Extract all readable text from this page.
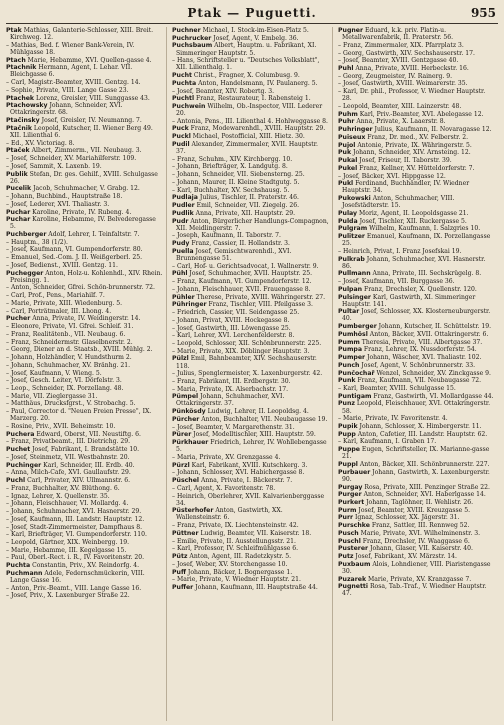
Ptak — Puguetti.	955
Ptak Mathias, Galanterie-Schlosser, XIII. Breit. Kirchweg. 12.
– Mathias, Bed. f. Wiener Bank-Verein, IV. Mühlgasse 18.
Ptach Marie, Hebamme, XVI. Quellen-gasse 4.
Ptachnik Hermann, Agent, I. Lehar. VII. Bleichgasse 6.
– Carl, Magistr.-Beamter, XVIII. Gentzg. 14.
– Sophie, Private, VIII. Lange Gasse 23.
Ptachek Lorenz, Greisler, VIII. Sunggasse 43.
Ptachowsky Johann, Schneider, XVI. Ottakringerstr. 68.
Ptačinsky Josef, Greisler, IV. Neumanng. 7.
Ptačnik Leopold, Kutscher, II. Wiener Berg 49. XII. Lilienthal 6.
– Ed., XV. Victoriag. 8.
Ptaček Albert, Zimmerm., VII. Neubaug. 3.
– Josef, Schneider, XV. Mariahilferstr. 109.
– Josef, Sammit, X. Laxenb. 19.
Publik Stefan, Dr. ges. Gehilf., XVIII. Schulgasse 26.
Pucelik Jacob, Schuhmacher, V. Grabg. 12.
– Johann, Buchbind., Hauptstraße 18.
– Josef, Lederer, XVI. Thaliastr. 3.
Puchar Karoline, Private, IV. Rubeng. 4.
Puchar Karoline, Hebamme, IV. Belvederegasse 5.
Puchberger Adolf, Lehrer, I. Teinfaltstr. 7.
– Hauptm., 38 (1/2).
– Josef, Kaufmann, VI. Gumpendorferstr. 80.
– Emanuel, Sed.-Com. J. II. Weißgerberl. 25.
– Josef, Bedienst., XVIII. Gentzg. 11.
Puchegger Anton, Holz-u. Kohlenhdl., XIV. Rhein. Preisingg. 1.
– Anton, Schneider, Gfrei. Schön-brunnerstr. 72.
– Carl, Prof., Pens., Mariahilf. 7.
– Marie, Private, XIII. Wiedenburg. 5.
– Carl, Porträtmaler, III. Lhong. 4.
Pucher Anna, Private, IV. Weidingerstr. 14.
– Eleonore, Private, VI. Gfrei. Schleif. 31.
– Franz, Realitätenb., VII. Neubaug. 6.
– Franz, Schneidermstr. Glaselbnerstr. 2.
– Georg, Diener an d. Staatsb., XVIII. Mühlg. 2.
– Johann, Holzhändler, V. Hundsthurm 2.
– Johann, Schuhmacher, XV. Bränhg. 21.
– Josef, Kaufmann, V. Wieng. 5.
– Josef, Gesch. Leiter, VI. Dörfelstr. 3.
– Leop., Schneider, IX. Porzellang. 48.
– Marie, VII. Zieglergasse 31.
– Matthäus, Drucksfgrst., V. Strobachg. 5.
– Paul, Corrector d. "Neuen Freien Presse", IX. Marzerg. 20.
– Rosine, Priv., XVII. Beheimstr. 10.
Puchera Edward, Oberst, VII. Neustiftg. 6.
– Franz, Privatbeamt., III. Dietrichg. 29.
Puchet Josef, Fabrikant, I. Brandstätte 10.
– Josef, Steinmetz, VII. Westbahnstr. 20.
Puchinger Karl, Schneider, III. Erdb. 40.
– Anna, Milch-Cafe, XVI. Gaullaufstr. 29.
Puchl Carl, Privater, XIV. Ullmannstr. 6.
– Franz, Buchhalter, XV. Blüthong. 6.
– Ignaz, Lehrer, X. Quellenstr. 35.
– Johann, Fleischhauer, VI. Mollardg. 4.
– Johann, Schuhmacher, XVI. Hasnerstr. 29.
– Josef, Kaufmann, III. Landstr. Hauptstr. 12.
– Josef, Stadt-Zimmermeister, Dampfhaus 8.
– Karl, Briefträger, VI. Gumpendorferstr. 110.
– Leopold, Gärtner, XIX. Weinbergg. 19.
– Marie, Hebamme, III. Kegelgasse 15.
– Paul, Oberl.-Rect. i. R., IV. Favoritenstr. 20.
Puchta Constantin, Priv., XV. Reindorfg. 4.
Puchmann Adele, Federnschmückerin, VIII. Lange Gasse 16.
– Anton, Priv.-Beamt., VIII. Lange Gasse 16.
– Josef, Priv., X. Laxenburger Straße 22.
Puchner Michael, I. Stock-im-Eisen-Platz 5.
Puchrucker Josef, Agent, V. Embelg. 36.
Puchsbaum Albert, Hauptm. u. Fabrikant, XI. Simmeringer Hauptstr. 5.
– Hans, Schriftsteller u. "Deutsches Volksblatt", XII. Lilienthalg. 1.
Pucht Christ., Fragner, X. Columbusg. 9.
Puchta Anton, Handelsmann, IV. Paulanerg. 5.
– Josef, Beamter, XIV. Robertg. 3.
Puchtl Franz, Restaurateur, I. Rabensteig 1.
Puchwein Wilhelm, Ob.-Inspector, VIII. Lederer 20.
– Antonia, Pens., III. Lilienthal 4. Hohlweggasse 8.
Puck Franz, Modewarenhdl., XVIII. Hauptstr. 29.
Puckl Michael, Postofficial, XIII. Hietz. 30.
Pudil Alexander, Zimmermaler, XVII. Hauptstr. 37.
– Franz, Schuhm., XIV. Kirchbergg. 10.
– Johann, Briefträger, X. Landgutg. 8.
– Johann, Schneider, VII. Siebensterng. 25.
– Johann, Maurer, II. Kleine Stadtgutg. 5.
– Karl, Buchhalter, XV. Sechshausg. 5.
Pudlaja Julius, Tischler, II. Praterstr. 46.
Pudler Emil, Schneider, VII. Ziegelg. 26.
Pudlik Anna, Private, XII. Hauptstr. 29.
Pudr Anton, Bürgerlicher Handlungs-Compagnon, XII. Meidlingerstr. 7.
– Joseph, Kaufmann, II. Taborstr. 7.
Pudy Franz, Cassier, II. Hollandstr. 3.
Puella Josef, Gemischtwarenhdl., XVI. Brunnengasse 51.
– Carl, Hof- u. Gerichtsadvocat, I. Wallnerstr. 9.
Pühl Josef, Schuhmacher, XVII. Hauptstr. 25.
– Franz, Kaufmann, VI. Gumpendorferstr. 12.
– Johann, Fleischhauer, XVII. Frauengasse 8.
Pühler Therese, Private, XVIII. Währingerstr. 27.
Pühringer Franz, Tischler, VIII. Pfeilgasse 3.
– Friedrich, Cassier, VII. Seidengasse 25.
– Johann, Privat, XVIII. Hockegasse 8.
– Josef, Gastwirth, III. Löwengasse 25.
– Karl, Lehrer, XVI. Lerchenfelderstr. 8.
– Leopold, Schlosser, XII. Schönbrunnerstr. 225.
– Marie, Private, XIX. Döblinger Hauptstr. 3.
Pülzl Emil, Bahnbeamter, XIV. Sechshauserstr. 118.
– Julius, Spenglermeister, X. Laxenburgerstr. 42.
– Franz, Fabrikant, III. Erdbergstr. 30.
– Maria, Private, IX. Alserbachstr. 17.
Pümpel Johann, Schuhmacher, XVI. Ottakringerstr. 37.
Pünkösdy Ludwig, Lehrer, II. Leopoldsg. 4.
Pürcher Anton, Buchhalter, VII. Neubaugasse 19.
– Josef, Beamter, V. Margarethenstr. 31.
Pürer Josef, Modelltischler, XIII. Hauptstr. 59.
Pürkhauer Friedrich, Lehrer, IV. Wohllebengasse 5.
– Maria, Private, XV. Grenzgasse 4.
Pürzl Karl, Fabrikant, XVIII. Kutschkerg. 3.
– Johann, Schlosser, XVI. Habichergasse 8.
Püschel Anna, Private, I. Bäckerstr. 7.
– Carl, Agent, X. Favoritenstr. 78.
– Heinrich, Oberlehrer, XVII. Kalvarienberggasse 34.
Püsterhofer Anton, Gastwirth, XX. Wallensteinstr. 6.
– Franz, Private, IX. Liechtensteinstr. 42.
Püttner Ludwig, Beamter, VII. Kaiserstr. 18.
– Emilie, Private, II. Ausstellungsstr. 21.
– Karl, Professor, IV. Schleifmühlgasse 6.
Pütz Anton, Agent, III. Radetzkystr. 5.
– Josef, Weber, XV. Storchengasse 10.
Puff Johann, Bäcker, I. Bognergasse 1.
– Marie, Private, V. Wiedner Hauptstr. 21.
Puffer Johann, Kaufmann, III. Hauptstraße 44.
Pugner Eduard, k.k. priv. Platin-u. Metallwarenfabrik, II. Praterstr. 56.
– Franz, Zimmermaler, XIX. Pfarrplatz 3.
– Georg, Gastwirth, XIV. Sechshauserstr. 17.
– Josef, Beamter, XVIII. Gentzgasse 40.
Puhl Anna, Private, XVIII. Herbeckstr. 16.
– Georg, Zeugmeister, IV. Rainerg. 9.
– Josef, Gastwirth, XVIII. Weimarerstr. 35.
– Karl, Dr. phil., Professor, V. Wiedner Hauptstr. 28.
– Leopold, Beamter, XIII. Lainzerstr. 48.
Puhm Karl, Priv.-Beamter, XVI. Abelegasse 12.
Puhr Anna, Private, X. Laaerstr. 8.
Puhringer Julius, Kaufmann, II. Novaragasse 12.
Puiseux Franz, Dr. med., XV. Felberstr. 2.
Pujol Antonie, Private, IX. Währingerstr. 5.
Puk Johann, Schneider, XIV. Arnsteing. 12.
Pukal Josef, Friseur, II. Taborstr. 39.
Pukel Franz, Kellner, XV. Hütteldorferstr. 7.
– Josef, Bäcker, XVI. Hippgasse 12.
Pukl Ferdinand, Buchhändler, IV. Wiedner Hauptstr. 34.
Pukowski Anton, Schuhmacher, VIII. Josefstädterstr. 15.
Pulay Moriz, Agent, II. Leopoldsgasse 21.
Pulda Josef, Tischler, XII. Ruckergasse 5.
Pulgram Wilhelm, Kaufmann, I. Salzgries 10.
Pulitzer Emanuel, Kaufmann, IX. Porzellangasse 25.
– Heinrich, Privat, I. Franz Josefskai 19.
Pulkrab Johann, Schuhmacher, XVI. Hasnerstr. 86.
Pullmann Anna, Private, III. Sechskrügelg. 8.
– Josef, Kaufmann, VII. Burggasse 36.
Pulpan Franz, Drechsler, X. Quellenstr. 120.
Pulsinger Karl, Gastwirth, XI. Simmeringer Hauptstr. 141.
Pultar Josef, Schlosser, XX. Klosterneuburgerstr. 40.
Pumberger Johann, Kutscher, II. Schüttelstr. 19.
Pumhösl Anton, Bäcker, XVII. Ottakringerstr. 6.
Pumm Theresia, Private, VIII. Albertgasse 37.
Pumpa Franz, Lehrer, IX. Nussdorferstr. 54.
Pumper Johann, Wäscher, XVI. Thaliastr. 102.
Punch Josef, Agent, V. Schönbrunnerstr. 33.
Punčochař Wenzel, Schneider, XV. Zinckgasse 9.
Punk Franz, Kaufmann, VII. Neubaugasse 72.
– Karl, Beamter, XVIII. Schulgasse 15.
Puntigam Franz, Gastwirth, VI. Mollardgasse 44.
Punz Leopold, Fleischhauer, XVI. Ottakringerstr. 58.
– Marie, Private, IV. Favoritenstr. 4.
Pupik Johann, Schlosser, X. Himbergerstr. 11.
Pupp Anton, Cafetier, III. Landstr. Hauptstr. 62.
– Karl, Kaufmann, I. Graben 17.
Puppe Eugen, Schriftsteller, IX. Marianne-gasse 21.
Puppl Anton, Bäcker, XII. Schönbrunnerstr. 227.
Purbauer Johann, Gastwirth, X. Laxenburgerstr. 90.
Purgay Rosa, Private, XIII. Penzinger Straße 22.
Purger Anton, Schneider, XVI. Haberlgasse 14.
Purkert Johann, Taglöhner, II. Wehlistr. 26.
Purm Josef, Beamter, XVIII. Kreuzgasse 5.
Purr Ignaz, Schlosser, XX. Jägerstr. 31.
Purschke Franz, Sattler, III. Rennweg 52.
Pusch Marie, Private, XVI. Wilhelminenstr. 3.
Puschl Franz, Drechsler, IV. Waaggasse 6.
Pusterer Johann, Glaser, VII. Kaiserstr. 40.
Putz Josef, Fabrikant, XV. Märzstr. 14.
Puxbaum Alois, Lohndiener, VIII. Piaristengasse 30.
Puzarek Marie, Private, XV. Kranzgasse 7.
Pugnetti Rosa, Tab.-Traf., V. Wiedner Hauptstr. 47.
